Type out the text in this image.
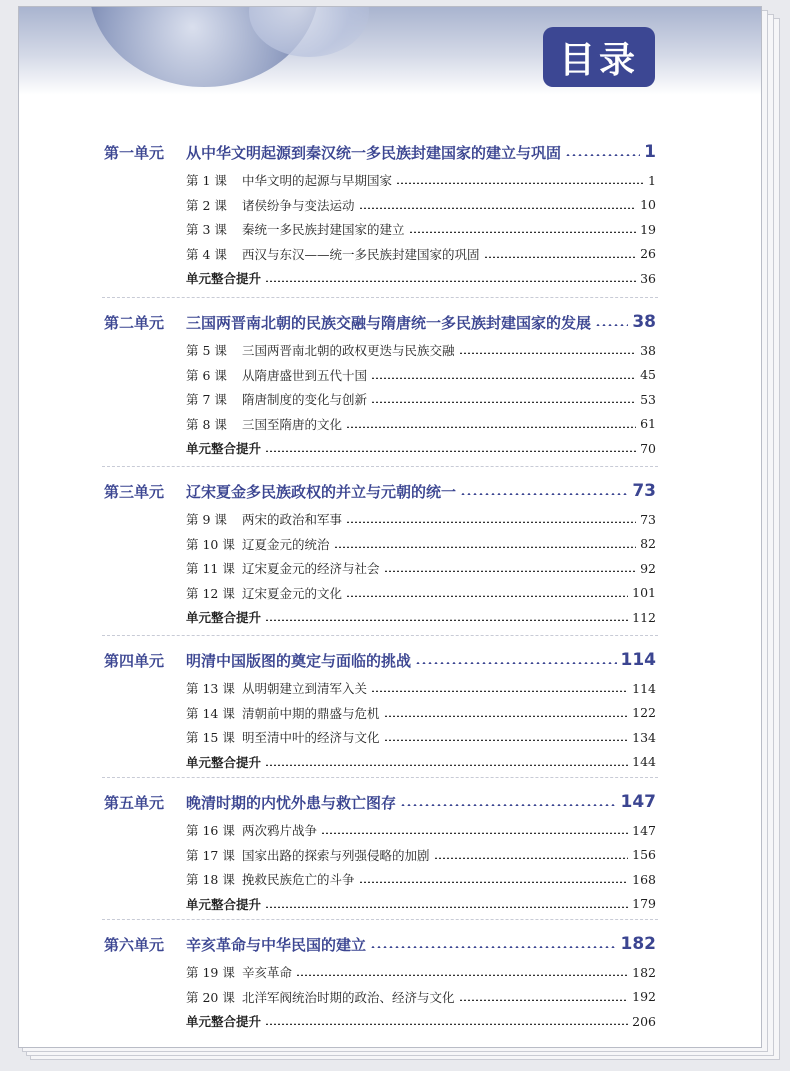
目录
第一单元	从中华文明起源到秦汉统一多民族封建国家的建立与巩固	1
第 1 课	中华文明的起源与早期国家	1
第 2 课	诸侯纷争与变法运动	10
第 3 课	秦统一多民族封建国家的建立	19
第 4 课	西汉与东汉——统一多民族封建国家的巩固	26
单元整合提升	36
第二单元	三国两晋南北朝的民族交融与隋唐统一多民族封建国家的发展 38
第 5 课	三国两晋南北朝的政权更迭与民族交融	38
第 6 课	从隋唐盛世到五代十国	45
第 7 课	隋唐制度的变化与创新	53
第 8 课	三国至隋唐的文化	61
单元整合提升	70
第三单元	辽宋夏金多民族政权的并立与元朝的统一	73
第 9 课	两宋的政治和军事	73
第 10 课 辽夏金元的统治	82
第 11 课 辽宋夏金元的经济与社会	92
第 12 课 辽宋夏金元的文化	101
单元整合提升	112
第四单元	明清中国版图的奠定与面临的挑战	114
第 13 课 从明朝建立到清军入关	114
第 14 课 清朝前中期的鼎盛与危机	122
第 15 课 明至清中叶的经济与文化	134
单元整合提升	144
第五单元	晚清时期的内忧外患与救亡图存	147
第 16 课 两次鸦片战争	147
第 17 课 国家出路的探索与列强侵略的加剧	156
第 18 课 挽救民族危亡的斗争	168
单元整合提升	179
第六单元	辛亥革命与中华民国的建立	182
第 19 课 辛亥革命	182
第 20 课 北洋军阀统治时期的政治、经济与文化	192
单元整合提升	206
